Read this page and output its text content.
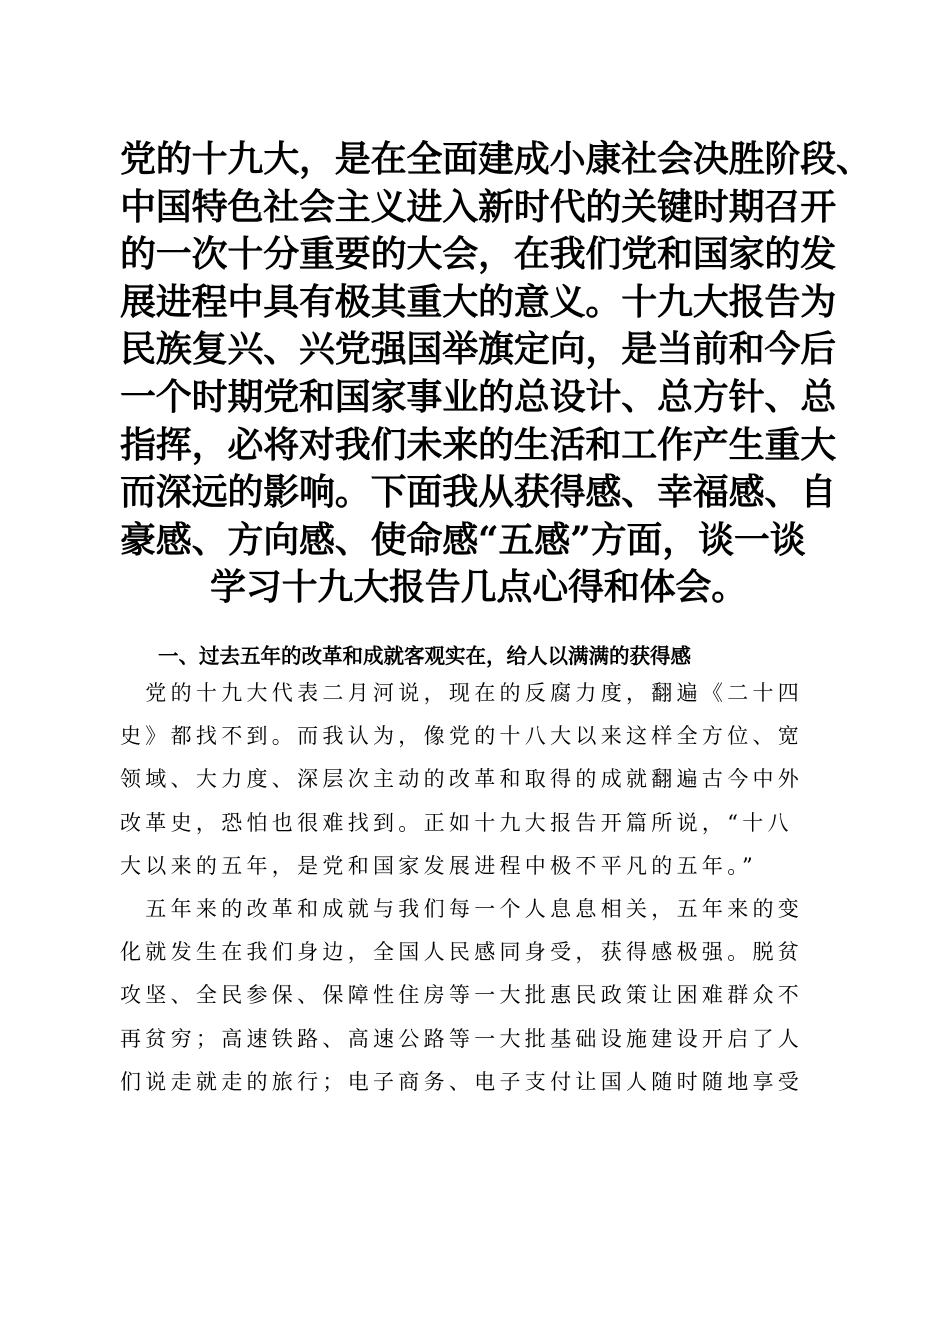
党的十九大，是在全面建成小康社会决胜阶段、
中国特色社会主义进入新时代的关键时期召开
的一次十分重要的大会，在我们党和国家的发
展进程中具有极其重大的意义。十九大报告为
民族复兴、兴党强国举旗定向，是当前和今后
一个时期党和国家事业的总设计、总方针、总
指挥，必将对我们未来的生活和工作产生重大
而深远的影响。下面我从获得感、幸福感、自
豪感、方向感、使命感“五感”方面，谈一谈
学习十九大报告几点心得和体会。
一、过去五年的改革和成就客观实在，给人以满满的获得感
　党的十九大代表二月河说，现在的反腐力度，翻遍《二十四
史》都找不到。而我认为，像党的十八大以来这样全方位、宽
领域、大力度、深层次主动的改革和取得的成就翻遍古今中外
改革史，恐怕也很难找到。正如十九大报告开篇所说，“十八
大以来的五年，是党和国家发展进程中极不平凡的五年。”
　五年来的改革和成就与我们每一个人息息相关，五年来的变
化就发生在我们身边，全国人民感同身受，获得感极强。脱贫
攻坚、全民参保、保障性住房等一大批惠民政策让困难群众不
再贫穷；高速铁路、高速公路等一大批基础设施建设开启了人
们说走就走的旅行；电子商务、电子支付让国人随时随地享受
